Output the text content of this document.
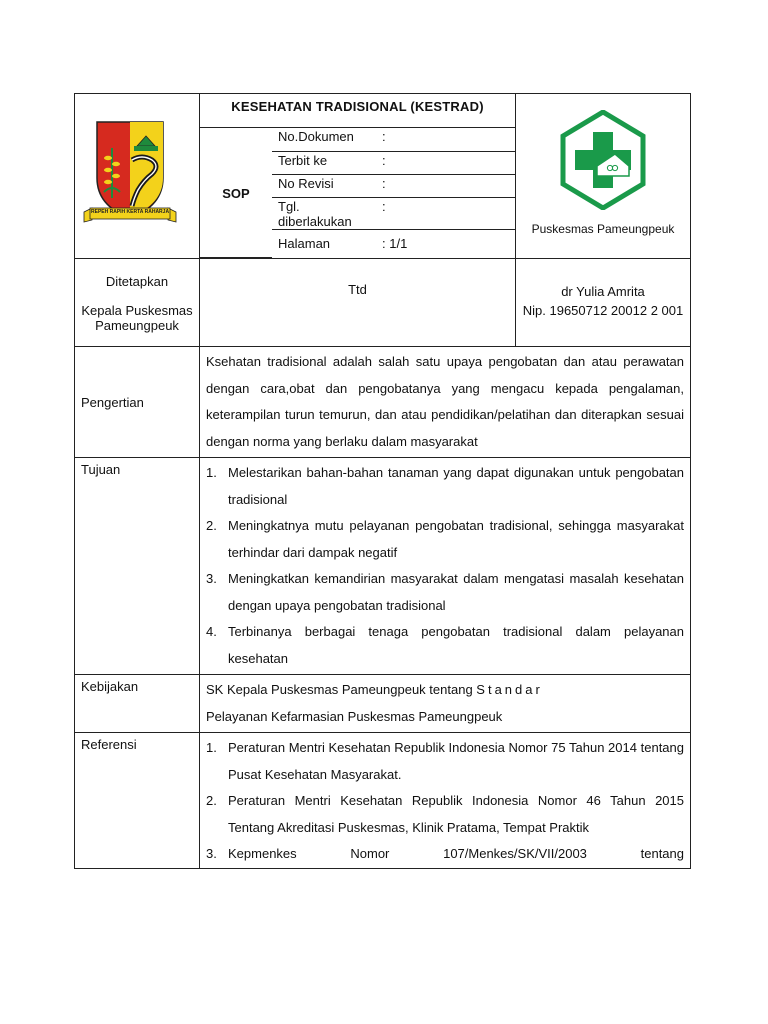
REPEH RAPIH KERTA RAHARJA
	KESEHATAN TRADISIONAL (KESTRAD)	
Puskesmas Pameungpeuk

SOP	No.Dokumen	:
Terbit ke	:
No Revisi	:
Tgl. diberlakukan	:
Halaman	: 1/1

Ditetapkan
Kepala Puskesmas Pameungpeuk

Ttd	dr Yulia Amrita
Nip. 19650712 20012 2 001

Pengertian	Ksehatan tradisional adalah salah satu upaya pengobatan dan atau perawatan dengan cara,obat dan pengobatanya yang mengacu kepada pengalaman, keterampilan turun temurun, dan atau pendidikan/pelatihan dan diterapkan sesuai dengan norma yang berlaku dalam masyarakat
Tujuan	1. Melestarikan bahan-bahan tanaman yang dapat digunakan untuk pengobatan tradisional
2. Meningkatnya mutu pelayanan pengobatan tradisional, sehingga masyarakat terhindar dari dampak negatif
3. Meningkatkan kemandirian masyarakat dalam mengatasi masalah kesehatan dengan upaya pengobatan tradisional
4. Terbinanya berbagai tenaga pengobatan tradisional dalam pelayanan kesehatan

Kebijakan	SK Kepala Puskesmas Pameungpeuk tentang Standar
Pelayanan Kefarmasian Puskesmas Pameungpeuk
Referensi	1. Peraturan Mentri Kesehatan Republik Indonesia Nomor 75 Tahun 2014 tentang Pusat Kesehatan Masyarakat.
2. Peraturan Mentri Kesehatan Republik Indonesia Nomor 46 Tahun 2015 Tentang Akreditasi Puskesmas, Klinik Pratama, Tempat Praktik
3. Kepmenkes Nomor 107/Menkes/SK/VII/2003 tentang
